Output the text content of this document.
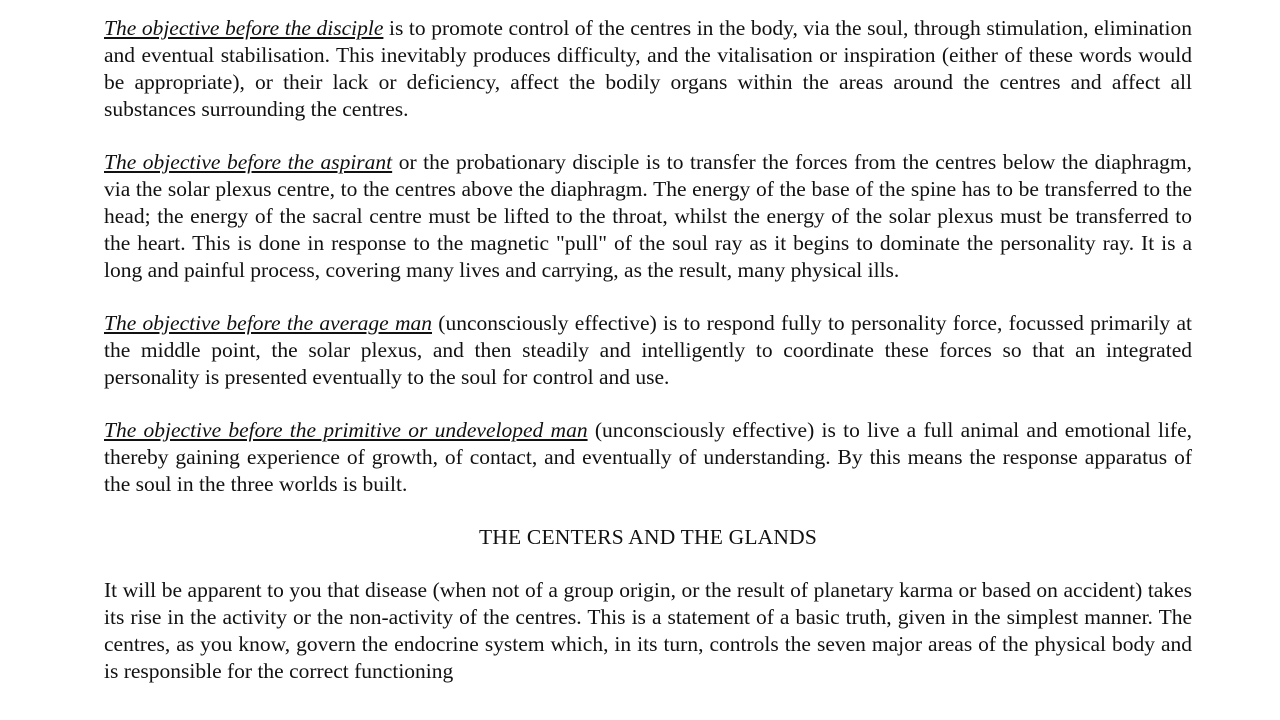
The objective before the disciple is to promote control of the centres in the body, via the soul, through stimulation, elimination and eventual stabilisation. This inevitably produces difficulty, and the vitalisation or inspiration (either of these words would be appropriate), or their lack or deficiency, affect the bodily organs within the areas around the centres and affect all substances surrounding the centres.

The objective before the aspirant or the probationary disciple is to transfer the forces from the centres below the diaphragm, via the solar plexus centre, to the centres above the diaphragm. The energy of the base of the spine has to be transferred to the head; the energy of the sacral centre must be lifted to the throat, whilst the energy of the solar plexus must be transferred to the heart. This is done in response to the magnetic "pull" of the soul ray as it begins to dominate the personality ray. It is a long and painful process, covering many lives and carrying, as the result, many physical ills.

The objective before the average man (unconsciously effective) is to respond fully to personality force, focussed primarily at the middle point, the solar plexus, and then steadily and intelligently to coordinate these forces so that an integrated personality is presented eventually to the soul for control and use.

The objective before the primitive or undeveloped man (unconsciously effective) is to live a full animal and emotional life, thereby gaining experience of growth, of contact, and eventually of understanding. By this means the response apparatus of the soul in the three worlds is built.

THE CENTERS AND THE GLANDS

It will be apparent to you that disease (when not of a group origin, or the result of planetary karma or based on accident) takes its rise in the activity or the non-activity of the centres. This is a statement of a basic truth, given in the simplest manner. The centres, as you know, govern the endocrine system which, in its turn, controls the seven major areas of the physical body and is responsible for the correct functioning
